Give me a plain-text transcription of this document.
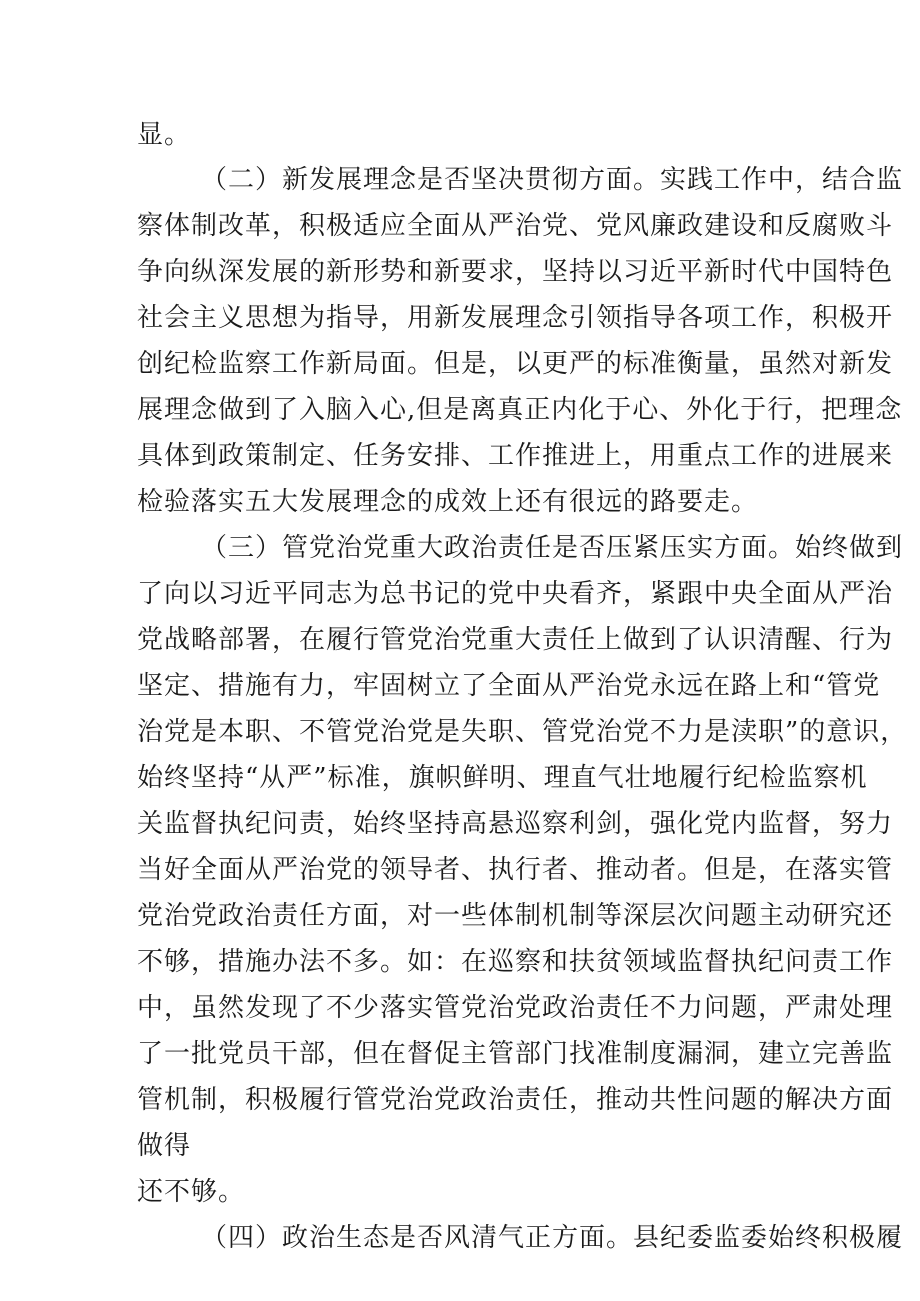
显。
（二）新发展理念是否坚决贯彻方面。实践工作中，结合监
察体制改革，积极适应全面从严治党、党风廉政建设和反腐败斗
争向纵深发展的新形势和新要求，坚持以习近平新时代中国特色
社会主义思想为指导，用新发展理念引领指导各项工作，积极开
创纪检监察工作新局面。但是，以更严的标准衡量，虽然对新发
展理念做到了入脑入心,但是离真正内化于心、外化于行，把理念
具体到政策制定、任务安排、工作推进上，用重点工作的进展来
检验落实五大发展理念的成效上还有很远的路要走。
（三）管党治党重大政治责任是否压紧压实方面。始终做到
了向以习近平同志为总书记的党中央看齐，紧跟中央全面从严治
党战略部署，在履行管党治党重大责任上做到了认识清醒、行为
坚定、措施有力，牢固树立了全面从严治党永远在路上和“管党
治党是本职、不管党治党是失职、管党治党不力是渎职”的意识，
始终坚持“从严”标准，旗帜鲜明、理直气壮地履行纪检监察机
关监督执纪问责，始终坚持高悬巡察利剑，强化党内监督，努力
当好全面从严治党的领导者、执行者、推动者。但是，在落实管
党治党政治责任方面，对一些体制机制等深层次问题主动研究还
不够，措施办法不多。如：在巡察和扶贫领域监督执纪问责工作
中，虽然发现了不少落实管党治党政治责任不力问题，严肃处理
了一批党员干部，但在督促主管部门找准制度漏洞，建立完善监
管机制，积极履行管党治党政治责任，推动共性问题的解决方面
做得
还不够。
（四）政治生态是否风清气正方面。县纪委监委始终积极履
